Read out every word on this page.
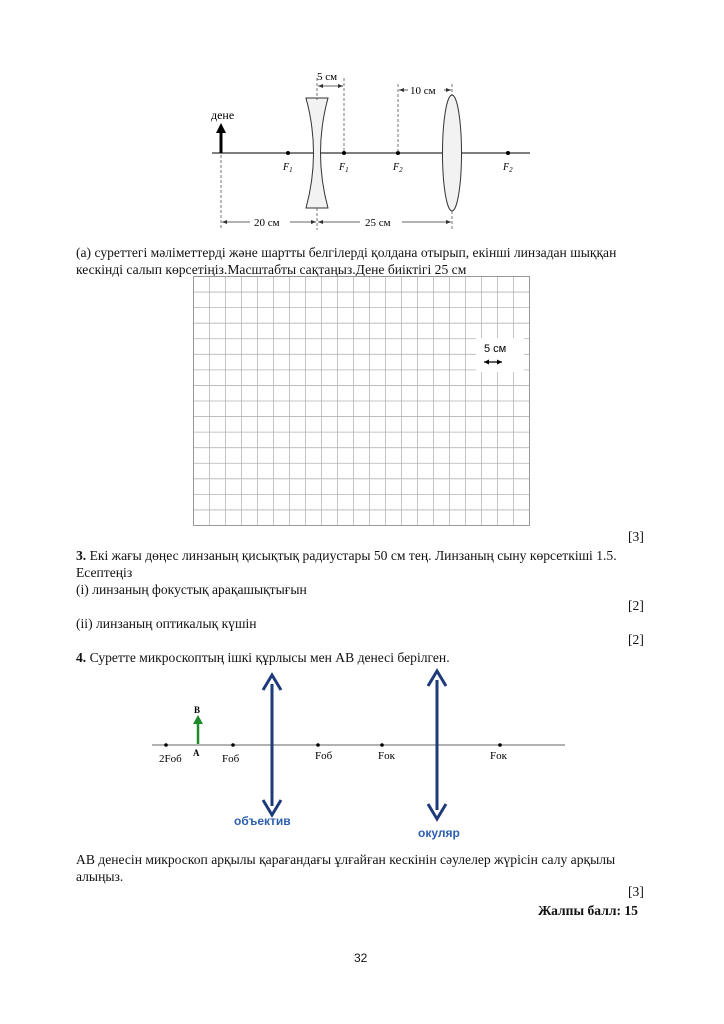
дене
$F_1$	$F_1$	$F_2$	$F_2$
5 см
10 см
20 см	25 см
(a) суреттегі мәліметтерді және шартты белгілерді қолдана отырып, екінші линзадан шыққан
кескінді салып көрсетіңіз.Масштабты сақтаңыз.Дене биіктігі 25 см
5 см
[3]
3. Екі жағы дөңес линзаның қисықтық радиустары 50 см тең. Линзаның сыну көрсеткіші 1.5.
Есептеңіз
(i) линзаның фокустық арақашықтығын
[2]
(ii) линзаның оптикалық күшін
[2]
4. Суретте микроскоптың ішкі құрлысы мен АВ денесі берілген.
B
A
2Fоб	Fоб	Fоб	Fок	Fок
объектив
окуляр
АВ денесін микроскоп арқылы қарағандағы ұлғайған кескінін сәулелер жүрісін салу арқылы
алыңыз.
[3]
Жалпы балл: 15
32
